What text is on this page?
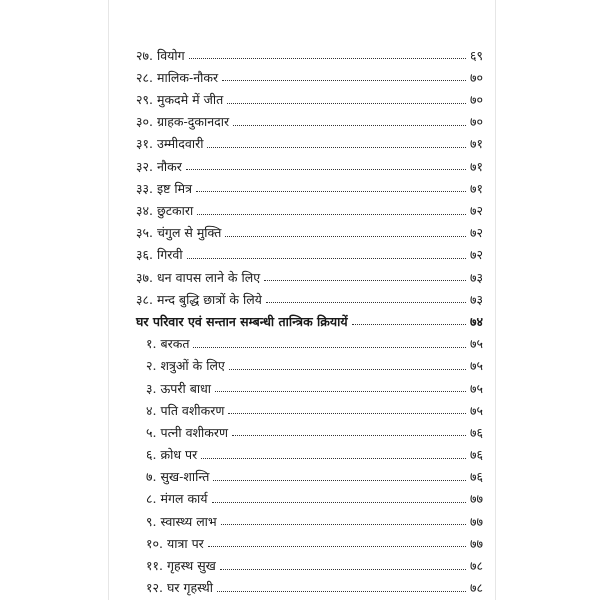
२७. वियोग	६९
२८. मालिक-नौकर	७०
२९. मुकदमे में जीत	७०
३०. ग्राहक-दुकानदार	७०
३१. उम्मीदवारी	७१
३२. नौकर	७१
३३. इष्ट मित्र	७१
३४. छुटकारा	७२
३५. चंगुल से मुक्ति	७२
३६. गिरवी	७२
३७. धन वापस लाने के लिए	७३
३८. मन्द बुद्धि छात्रों के लिये	७३
घर परिवार एवं सन्तान सम्बन्धी तान्त्रिक क्रियायें	७४
१. बरकत	७५
२. शत्रुओं के लिए	७५
३. ऊपरी बाधा	७५
४. पति वशीकरण	७५
५. पत्नी वशीकरण	७६
६. क्रोध पर	७६
७. सुख-शान्ति	७६
८. मंगल कार्य	७७
९. स्वास्थ्य लाभ	७७
१०. यात्रा पर	७७
११. गृहस्थ सुख	७८
१२. घर गृहस्थी	७८
